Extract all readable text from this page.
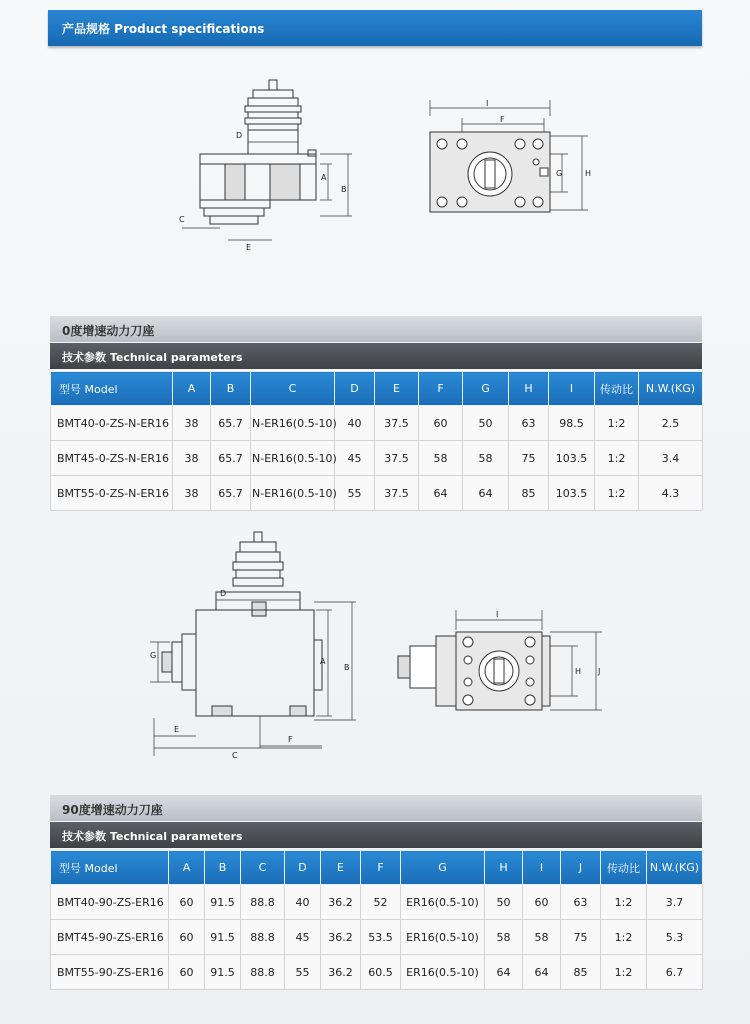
产品规格 Product specifications
D
A
B
C
E
I
F
G	H
0度增速动力刀座
技术参数 Technical parameters
型号 Model	A	B	C	D	E	F	G	H	I	传动比	N.W.(KG)
BMT40-0-ZS-N-ER16	38	65.7	N-ER16(0.5-10)	40	37.5	60	50	63	98.5	1:2	2.5
BMT45-0-ZS-N-ER16	38	65.7	N-ER16(0.5-10)	45	37.5	58	58	75	103.5	1:2	3.4
BMT55-0-ZS-N-ER16	38	65.7	N-ER16(0.5-10)	55	37.5	64	64	85	103.5	1:2	4.3
D
A
B
G
E
C
F
I
H J
90度增速动力刀座
技术参数 Technical parameters
型号 Model	A	B	C	D	E	F	G	H	I	J	传动比	N.W.(KG)
BMT40-90-ZS-ER16	60	91.5	88.8	40	36.2	52	ER16(0.5-10)	50	60	63	1:2	3.7
BMT45-90-ZS-ER16	60	91.5	88.8	45	36.2	53.5	ER16(0.5-10)	58	58	75	1:2	5.3
BMT55-90-ZS-ER16	60	91.5	88.8	55	36.2	60.5	ER16(0.5-10)	64	64	85	1:2	6.7
